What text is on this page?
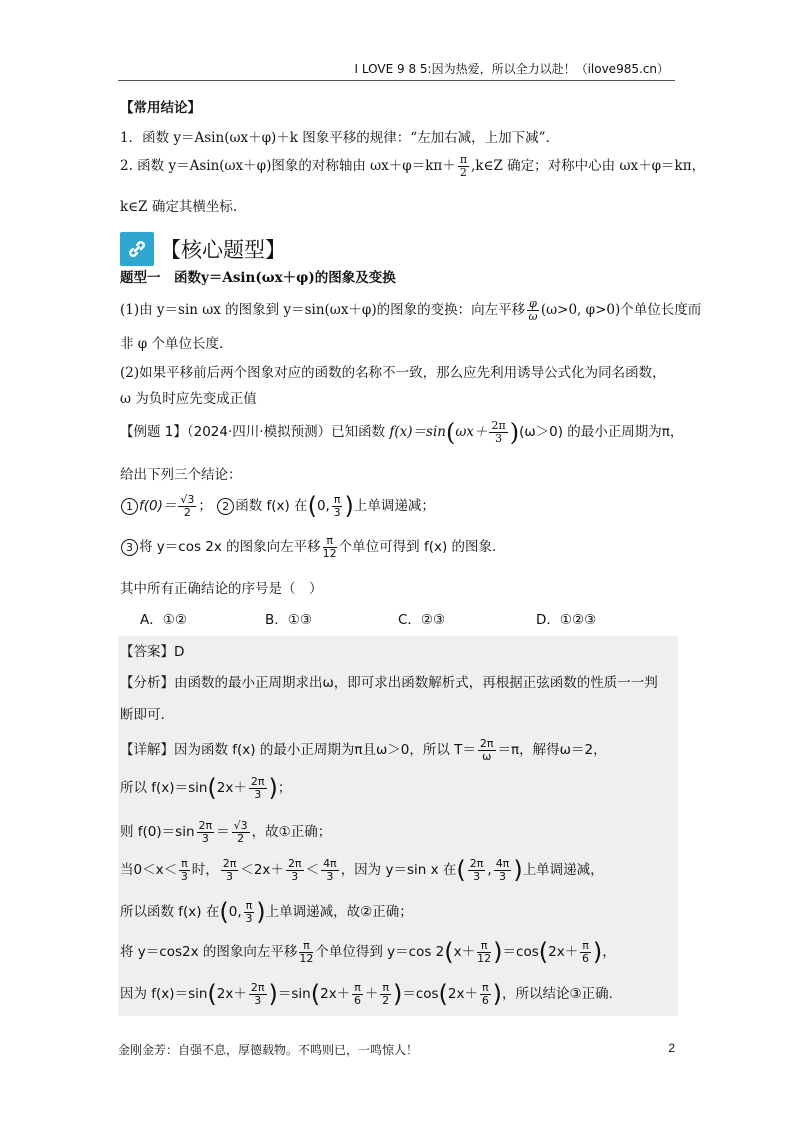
I LOVE 9 8 5:因为热爱，所以全力以赴！（ilove985.cn）
【常用结论】
1．函数 y＝Asin(ωx＋φ)＋k 图象平移的规律：“左加右减，上加下减”．
2. 函数 y＝Asin(ωx＋φ)图象的对称轴由 $\omega x+\varphi=k\pi+ \frac{\pi}{2}$ ,k∈Z 确定；对称中心由 ωx＋φ＝kπ，
k∈Z 确定其横坐标.
【核心题型】
题型一　函数y＝Asin(ωx＋φ)的图象及变换
(1)由 y＝sin ωx 的图象到 y＝sin(ωx＋φ)的图象的变换：向左平移 $\frac{\varphi}{\omega} (\omega>0$, φ>0)个单位长度而
非 φ 个单位长度.
(2)如果平移前后两个图象对应的函数的名称不一致，那么应先利用诱导公式化为同名函数，
ω 为负时应先变成正值
【例题 1】（2024·四川·模拟预测）已知函数 $f(x)=\sin(\omega x+ \frac{2\pi}{3} )(\omega>0)$ 的最小正周期为π，
给出下列三个结论：
1 $f(0)= \frac{√3}{2}$ ； 2 函数 f(x) 在(0, $\frac{\pi}{3}$ )上单调递减；
3 将 y＝cos 2x 的图象向左平移 $\frac{\pi}{12}$ 个单位可得到 f(x) 的图象.
其中所有正确结论的序号是（　）
A．①②	B．①③	C．②③	D．①②③
【答案】D
【分析】由函数的最小正周期求出ω，即可求出函数解析式，再根据正弦函数的性质一一判
断即可.
【详解】因为函数 f(x) 的最小正周期为π且ω＞0，所以 $T= \frac{2\pi}{\omega} =\pi$，解得ω＝2，
所以 $f(x)=\sin(2x+ \frac{2\pi}{3}$ )；
则 $f(0)=\sin \frac{2\pi}{3} = \frac{√3}{2}$ ，故①正确；
当$0<x< \frac{\pi}{3}$ 时， $\frac{2\pi}{3} <2x+ \frac{2\pi}{3} < \frac{4\pi}{3}$ ，因为 y＝sin x 在( $\frac{2\pi}{3}$ , $\frac{4\pi}{3}$ )上单调递减，
所以函数 f(x) 在(0, $\frac{\pi}{3}$ )上单调递减，故②正确；
将 y＝cos2x 的图象向左平移 $\frac{\pi}{12}$ 个单位得到 y＝cos $2(x+ \frac{\pi}{12} )=\cos(2x+ \frac{\pi}{6}$ )，
因为 $f(x)=\sin(2x+ \frac{2\pi}{3} )=\sin(2x+ \frac{\pi}{6} + \frac{\pi}{2} )=\cos(2x+ \frac{\pi}{6}$ )，所以结论③正确.
金刚金芳：自强不息，厚德载物。不鸣则已，一鸣惊人！	2
